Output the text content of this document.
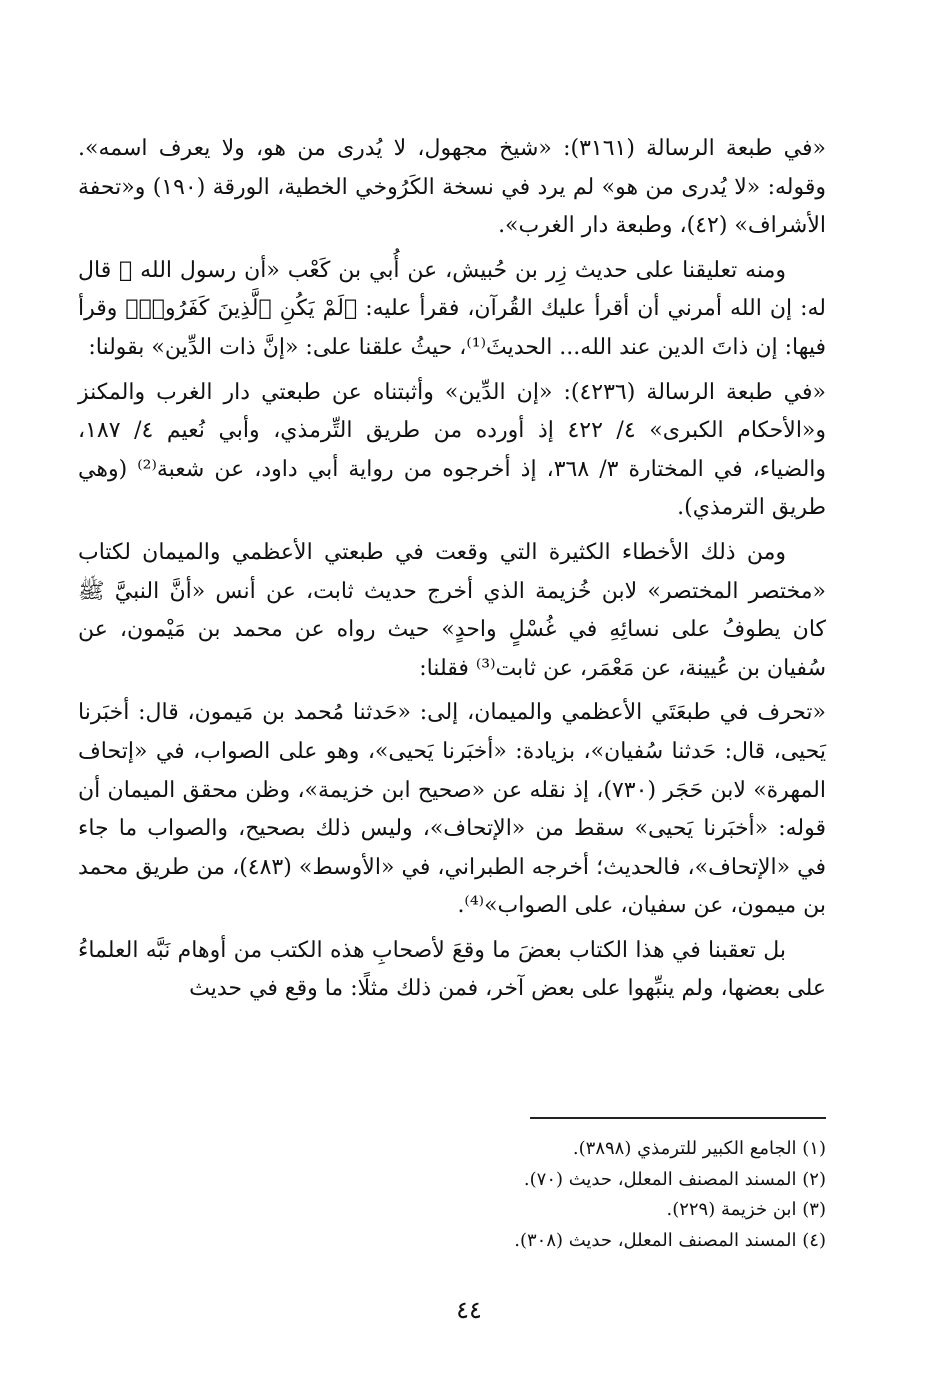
«في طبعة الرسالة (٣١٦١): «شيخ مجهول، لا يُدرى من هو، ولا يعرف اسمه». وقوله: «لا يُدرى من هو» لم يرد في نسخة الكَرُوخي الخطية، الورقة (١٩٠) و«تحفة الأشراف» (٤٢)، وطبعة دار الغرب».

ومنه تعليقنا على حديث زِر بن حُبيش، عن أُبي بن كَعْب «أن رسول الله ﷺ قال له: إن الله أمرني أن أقرأ عليك القُرآن، فقرأ عليه: ﴿لَمْ يَكُنِ ٱلَّذِينَ كَفَرُوا۟﴾ وقرأ فيها: إن ذاتَ الدين عند الله... الحديثَ⁽¹⁾، حيثُ علقنا على: «إنَّ ذات الدِّين» بقولنا:

«في طبعة الرسالة (٤٢٣٦): «إن الدِّين» وأثبتناه عن طبعتي دار الغرب والمكنز و«الأحكام الكبرى» ٤/ ٤٢٢ إذ أورده من طريق التِّرمذي، وأبي نُعيم ٤/ ١٨٧، والضياء، في المختارة ٣/ ٣٦٨، إذ أخرجوه من رواية أبي داود، عن شعبة⁽²⁾ (وهي طريق الترمذي).

ومن ذلك الأخطاء الكثيرة التي وقعت في طبعتي الأعظمي والميمان لكتاب «مختصر المختصر» لابن خُزيمة الذي أخرج حديث ثابت، عن أنس «أنَّ النبيَّ ﷺ كان يطوفُ على نسائِهِ في غُسْلٍ واحدٍ» حيث رواه عن محمد بن مَيْمون، عن سُفيان بن عُيينة، عن مَعْمَر، عن ثابت⁽³⁾ فقلنا:

«تحرف في طبعَتَي الأعظمي والميمان، إلى: «حَدثنا مُحمد بن مَيمون، قال: أخبَرنا يَحيى، قال: حَدثنا سُفيان»، بزيادة: «أخبَرنا يَحيى»، وهو على الصواب، في «إتحاف المهرة» لابن حَجَر (٧٣٠)، إذ نقله عن «صحيح ابن خزيمة»، وظن محقق الميمان أن قوله: «أخبَرنا يَحيى» سقط من «الإتحاف»، وليس ذلك بصحيح، والصواب ما جاء في «الإتحاف»، فالحديث؛ أخرجه الطبراني، في «الأوسط» (٤٨٣)، من طريق محمد بن ميمون، عن سفيان، على الصواب»⁽⁴⁾.

بل تعقبنا في هذا الكتاب بعضَ ما وقعَ لأصحابِ هذه الكتب من أوهام نَبَّه العلماءُ على بعضها، ولم ينبِّهوا على بعض آخر، فمن ذلك مثلًا: ما وقع في حديث

(١) الجامع الكبير للترمذي (٣٨٩٨).

(٢) المسند المصنف المعلل، حديث (٧٠).

(٣) ابن خزيمة (٢٢٩).

(٤) المسند المصنف المعلل، حديث (٣٠٨).

٤٤
